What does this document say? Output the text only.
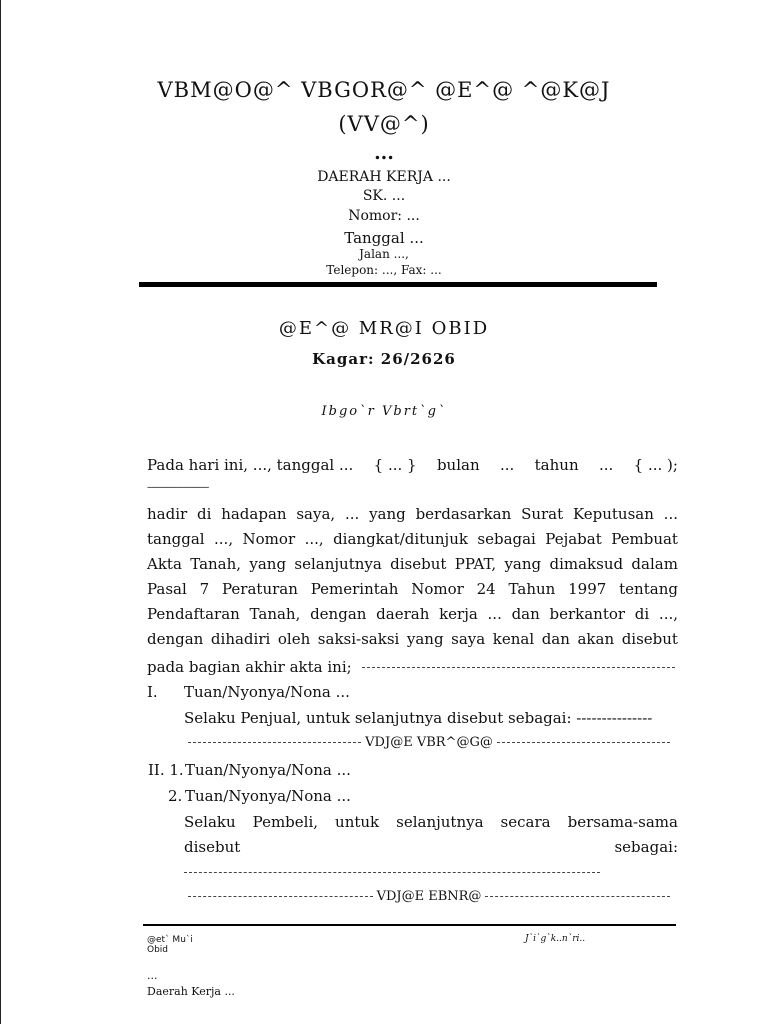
VBM@O@^ VBGOR@^ @E^@ ^@K@J
(VV@^)
...
DAERAH KERJA ...
SK. ...
Nomor: ...
Tanggal ...
Jalan ...,
Telepon: ..., Fax: ...
@E^@ MR@I OBID
Kagar: 26/2626
Ibgo`r Vbrt`g`
Pada hari ini, ..., tanggal ... { ... } bulan ... tahun ... { ... );
------------------------------
hadir di hadapan saya, ... yang berdasarkan Surat Keputusan ...
tanggal ..., Nomor ..., diangkat/ditunjuk sebagai Pejabat Pembuat
Akta Tanah, yang selanjutnya disebut PPAT, yang dimaksud dalam
Pasal 7 Peraturan Pemerintah Nomor 24 Tahun 1997 tentang
Pendaftaran Tanah, dengan daerah kerja ... dan berkantor di ...,
dengan dihadiri oleh saksi-saksi yang saya kenal dan akan disebut
pada bagian akhir akta ini;
I. Tuan/Nyonya/Nona ...
Selaku Penjual, untuk selanjutnya disebut sebagai: ---------------
VDJ@E VBR^@G@
II. 1. Tuan/Nyonya/Nona ...
2. Tuan/Nyonya/Nona ...
Selaku Pembeli, untuk selanjutnya secara bersama-sama
disebut	sebagai:
VDJ@E EBNR@
@et` Mu`i
Obid
J`i`g`k..n`ri..
...
Daerah Kerja ...
